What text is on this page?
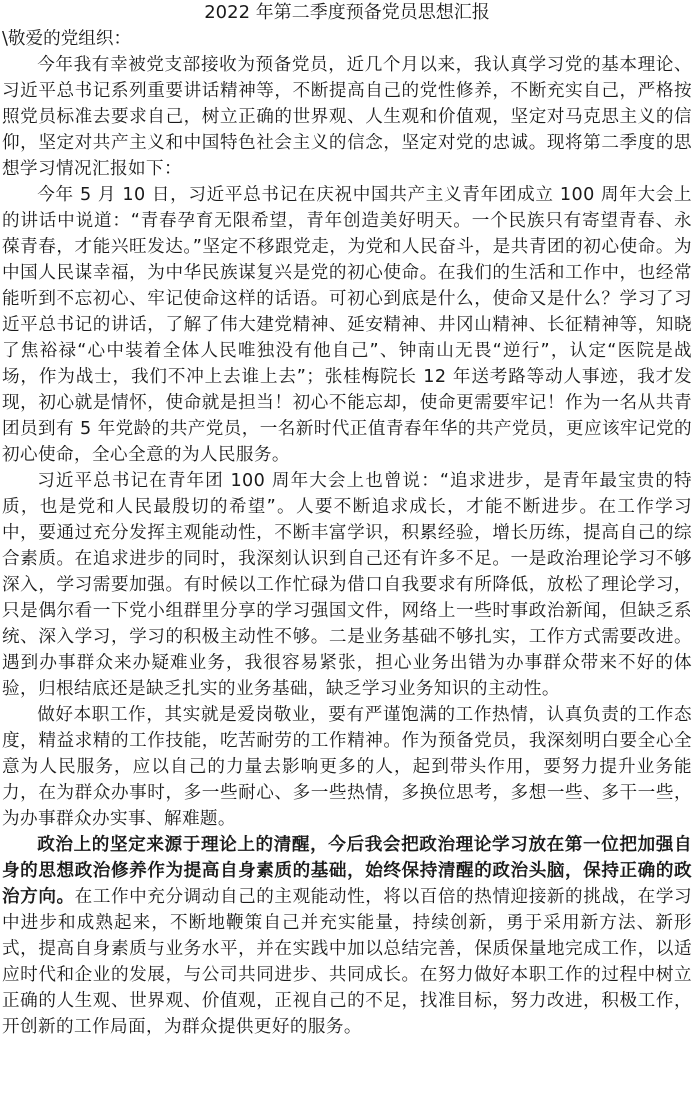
2022 年第二季度预备党员思想汇报

\敬爱的党组织：

今年我有幸被党支部接收为预备党员，近几个月以来，我认真学习党的基本理论、习近平总书记系列重要讲话精神等，不断提高自己的党性修养，不断充实自己，严格按照党员标准去要求自己，树立正确的世界观、人生观和价值观，坚定对马克思主义的信仰，坚定对共产主义和中国特色社会主义的信念，坚定对党的忠诚。现将第二季度的思想学习情况汇报如下：

今年 5 月 10 日，习近平总书记在庆祝中国共产主义青年团成立 100 周年大会上的讲话中说道：“青春孕育无限希望，青年创造美好明天。一个民族只有寄望青春、永葆青春，才能兴旺发达。”坚定不移跟党走，为党和人民奋斗，是共青团的初心使命。为中国人民谋幸福，为中华民族谋复兴是党的初心使命。在我们的生活和工作中，也经常能听到不忘初心、牢记使命这样的话语。可初心到底是什么，使命又是什么？学习了习近平总书记的讲话，了解了伟大建党精神、延安精神、井冈山精神、长征精神等，知晓了焦裕禄“心中装着全体人民唯独没有他自己”、钟南山无畏“逆行”，认定“医院是战场，作为战士，我们不冲上去谁上去”；张桂梅院长 12 年送考路等动人事迹，我才发现，初心就是情怀，使命就是担当！初心不能忘却，使命更需要牢记！作为一名从共青团员到有 5 年党龄的共产党员，一名新时代正值青春年华的共产党员，更应该牢记党的初心使命，全心全意的为人民服务。

习近平总书记在青年团 100 周年大会上也曾说：“追求进步，是青年最宝贵的特质，也是党和人民最殷切的希望”。人要不断追求成长，才能不断进步。在工作学习中，要通过充分发挥主观能动性，不断丰富学识，积累经验，增长历练，提高自己的综合素质。在追求进步的同时，我深刻认识到自己还有许多不足。一是政治理论学习不够深入，学习需要加强。有时候以工作忙碌为借口自我要求有所降低，放松了理论学习，只是偶尔看一下党小组群里分享的学习强国文件，网络上一些时事政治新闻，但缺乏系统、深入学习，学习的积极主动性不够。二是业务基础不够扎实，工作方式需要改进。遇到办事群众来办疑难业务，我很容易紧张，担心业务出错为办事群众带来不好的体验，归根结底还是缺乏扎实的业务基础，缺乏学习业务知识的主动性。

做好本职工作，其实就是爱岗敬业，要有严谨饱满的工作热情，认真负责的工作态度，精益求精的工作技能，吃苦耐劳的工作精神。作为预备党员，我深刻明白要全心全意为人民服务，应以自己的力量去影响更多的人，起到带头作用，要努力提升业务能力，在为群众办事时，多一些耐心、多一些热情，多换位思考，多想一些、多干一些，为办事群众办实事、解难题。

政治上的坚定来源于理论上的清醒，今后我会把政治理论学习放在第一位把加强自身的思想政治修养作为提高自身素质的基础，始终保持清醒的政治头脑，保持正确的政治方向。在工作中充分调动自己的主观能动性，将以百倍的热情迎接新的挑战，在学习中进步和成熟起来，不断地鞭策自己并充实能量，持续创新，勇于采用新方法、新形式，提高自身素质与业务水平，并在实践中加以总结完善，保质保量地完成工作，以适应时代和企业的发展，与公司共同进步、共同成长。在努力做好本职工作的过程中树立正确的人生观、世界观、价值观，正视自己的不足，找准目标，努力改进，积极工作，开创新的工作局面，为群众提供更好的服务。
